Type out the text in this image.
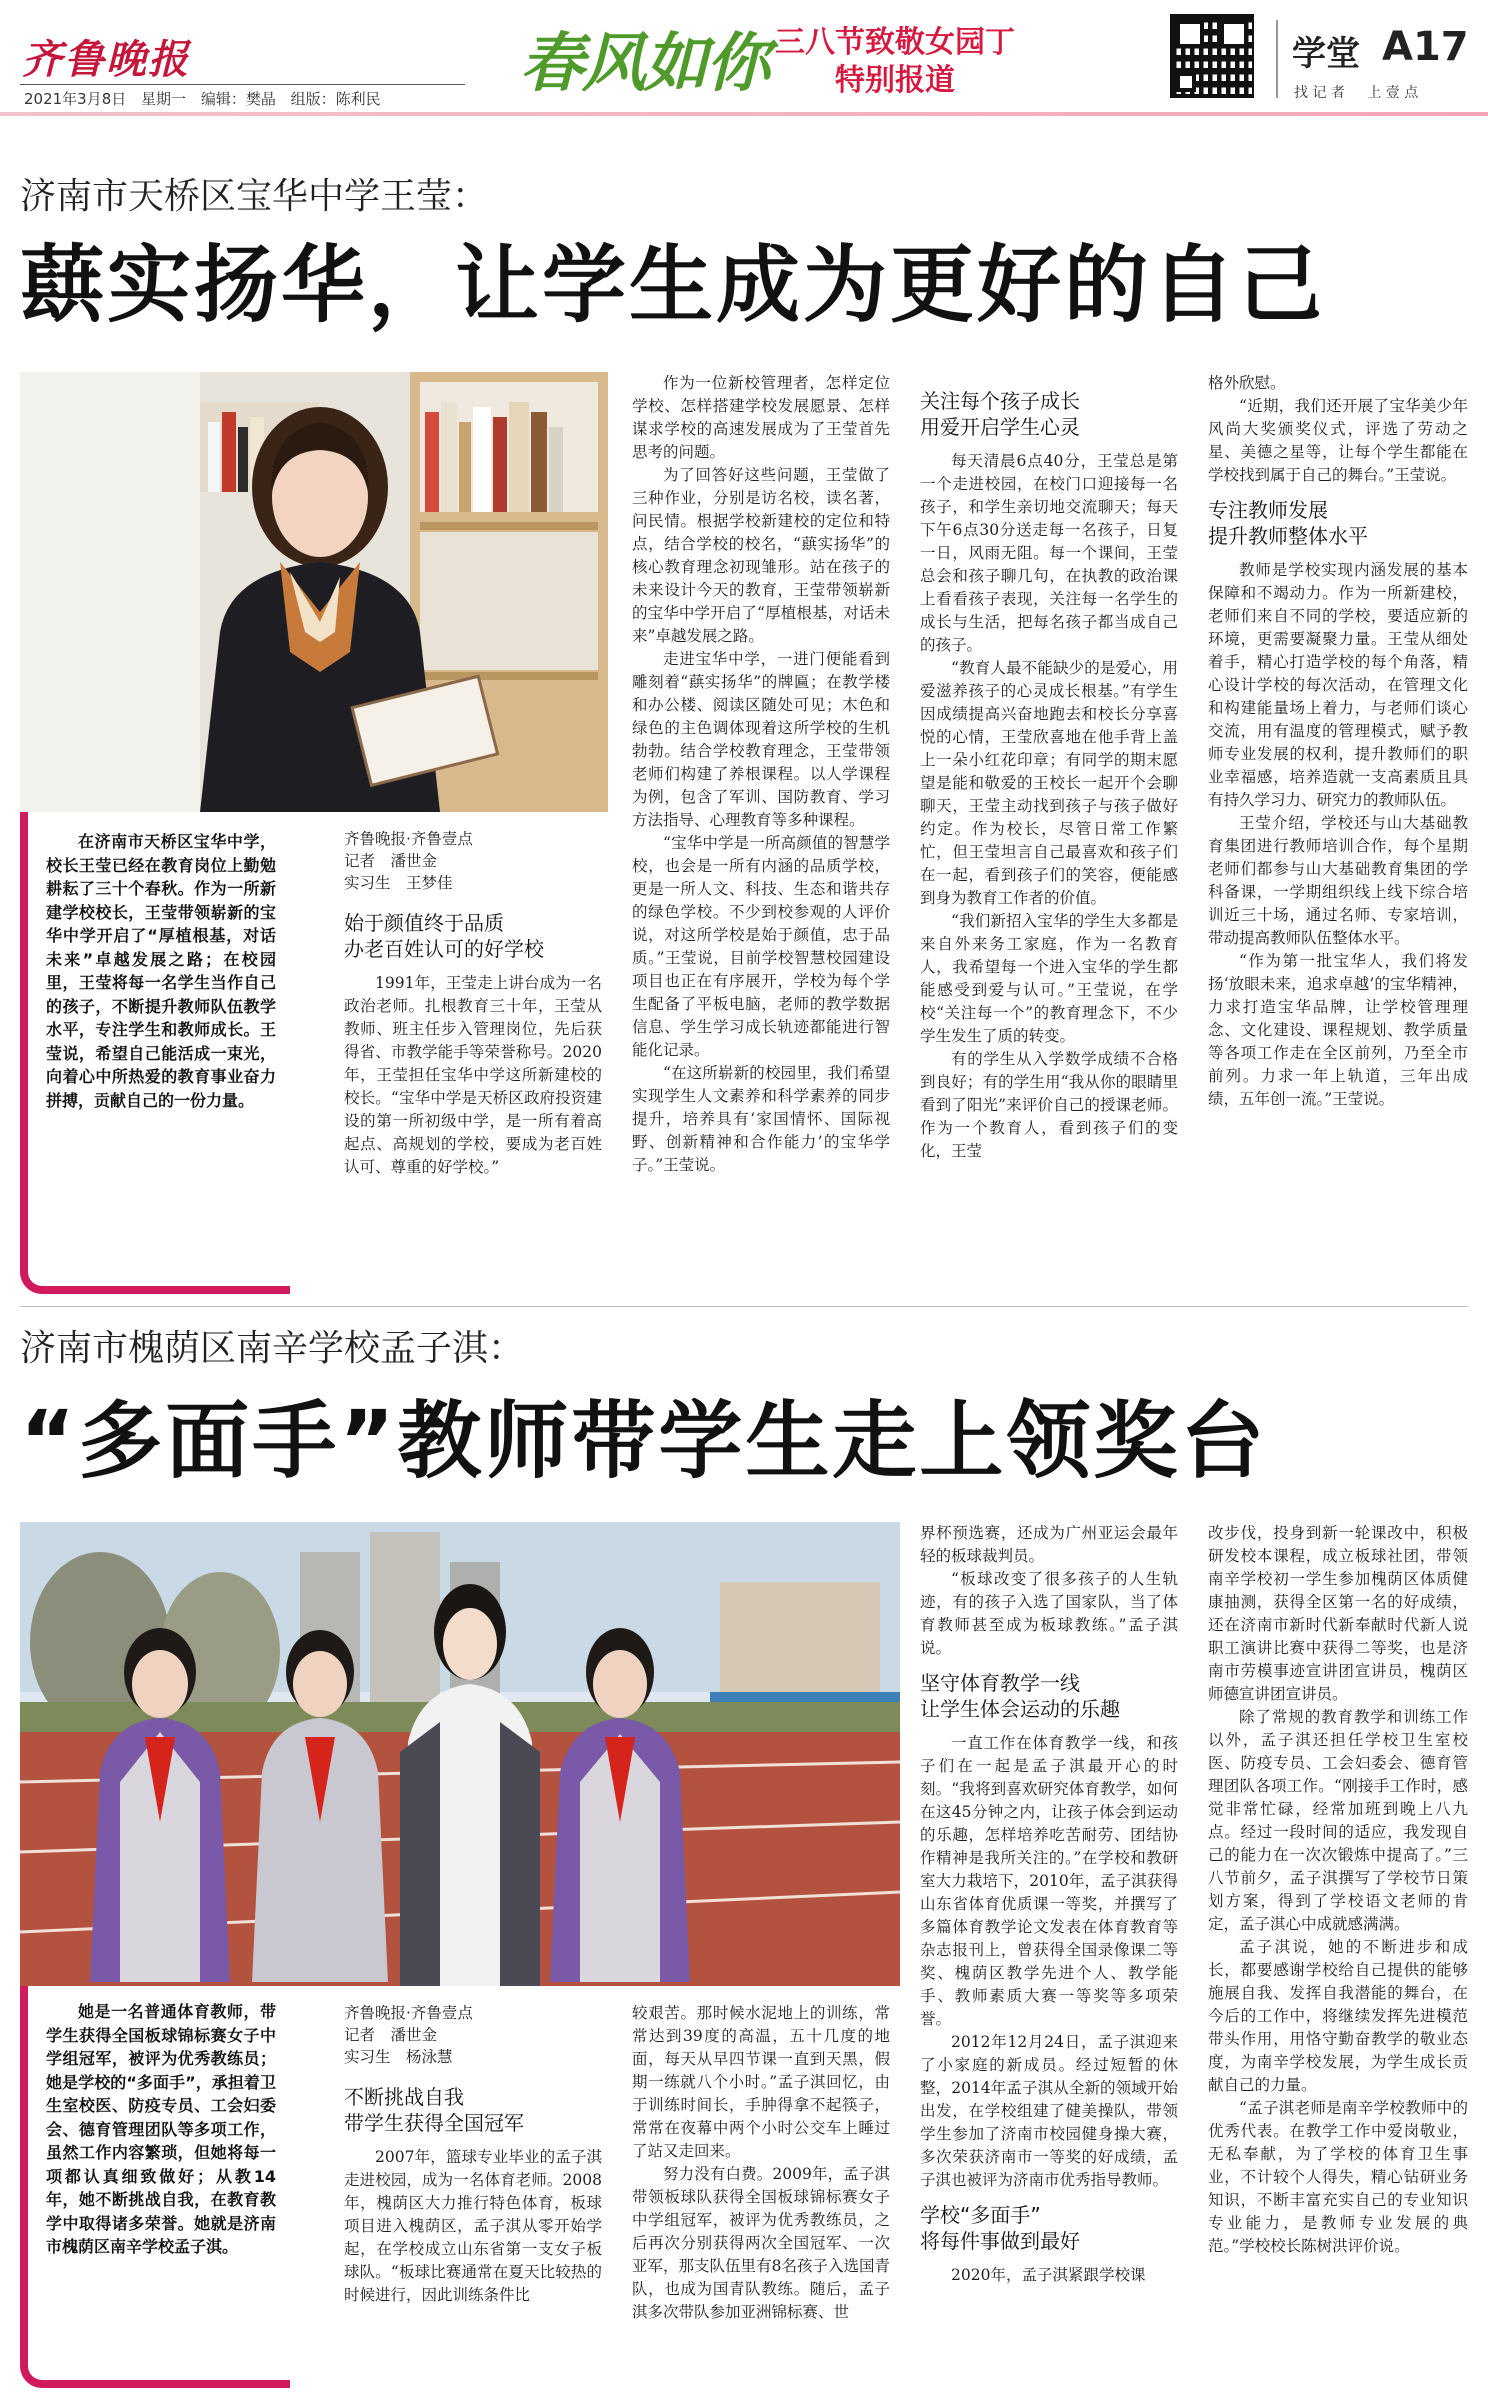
齐鲁晚报
2021年3月8日 星期一 编辑：樊晶 组版：陈利民 春风如你 三八节致敬女园丁
特别报道
学堂 A17
找 记 者 上 壹 点
济南市天桥区宝华中学王莹：
蕻实扬华，让学生成为更好的自己

在济南市天桥区宝华中学，校长王莹已经在教育岗位上勤勉耕耘了三十个春秋。作为一所新建学校校长，王莹带领崭新的宝华中学开启了“厚植根基，对话未来”卓越发展之路；在校园里，王莹将每一名学生当作自己的孩子，不断提升教师队伍教学水平，专注学生和教师成长。王莹说，希望自己能活成一束光，向着心中所热爱的教育事业奋力拼搏，贡献自己的一份力量。

齐鲁晚报·齐鲁壹点
记者　潘世金
实习生　王梦佳
始于颜值终于品质
办老百姓认可的好学校

1991年，王莹走上讲台成为一名政治老师。扎根教育三十年，王莹从教师、班主任步入管理岗位，先后获得省、市教学能手等荣誉称号。2020年，王莹担任宝华中学这所新建校的校长。“宝华中学是天桥区政府投资建设的第一所初级中学，是一所有着高起点、高规划的学校，要成为老百姓认可、尊重的好学校。”

作为一位新校管理者，怎样定位学校、怎样搭建学校发展愿景、怎样谋求学校的高速发展成为了王莹首先思考的问题。

为了回答好这些问题，王莹做了三种作业，分别是访名校，读名著，问民情。根据学校新建校的定位和特点，结合学校的校名，“蕻实扬华”的核心教育理念初现雏形。站在孩子的未来设计今天的教育，王莹带领崭新的宝华中学开启了“厚植根基，对话未来”卓越发展之路。

走进宝华中学，一进门便能看到雕刻着“蕻实扬华”的牌匾；在教学楼和办公楼、阅读区随处可见；木色和绿色的主色调体现着这所学校的生机勃勃。结合学校教育理念，王莹带领老师们构建了养根课程。以人学课程为例，包含了军训、国防教育、学习方法指导、心理教育等多种课程。

“宝华中学是一所高颜值的智慧学校，也会是一所有内涵的品质学校，更是一所人文、科技、生态和谐共存的绿色学校。不少到校参观的人评价说，对这所学校是始于颜值，忠于品质。”王莹说，目前学校智慧校园建设项目也正在有序展开，学校为每个学生配备了平板电脑，老师的教学数据信息、学生学习成长轨迹都能进行智能化记录。

“在这所崭新的校园里，我们希望实现学生人文素养和科学素养的同步提升，培养具有‘家国情怀、国际视野、创新精神和合作能力’的宝华学子。”王莹说。

关注每个孩子成长
用爱开启学生心灵

每天清晨6点40分，王莹总是第一个走进校园，在校门口迎接每一名孩子，和学生亲切地交流聊天；每天下午6点30分送走每一名孩子，日复一日，风雨无阻。每一个课间，王莹总会和孩子聊几句，在执教的政治课上看看孩子表现，关注每一名学生的成长与生活，把每名孩子都当成自己的孩子。

“教育人最不能缺少的是爱心，用爱滋养孩子的心灵成长根基。”有学生因成绩提高兴奋地跑去和校长分享喜悦的心情，王莹欣喜地在他手背上盖上一朵小红花印章；有同学的期末愿望是能和敬爱的王校长一起开个会聊聊天，王莹主动找到孩子与孩子做好约定。作为校长，尽管日常工作繁忙，但王莹坦言自己最喜欢和孩子们在一起，看到孩子们的笑容，便能感到身为教育工作者的价值。

“我们新招入宝华的学生大多都是来自外来务工家庭，作为一名教育人，我希望每一个进入宝华的学生都能感受到爱与认可。”王莹说，在学校“关注每一个”的教育理念下，不少学生发生了质的转变。

有的学生从入学数学成绩不合格到良好；有的学生用“我从你的眼睛里看到了阳光”来评价自己的授课老师。作为一个教育人，看到孩子们的变化，王莹

格外欣慰。

“近期，我们还开展了宝华美少年风尚大奖颁奖仪式，评选了劳动之星、美德之星等，让每个学生都能在学校找到属于自己的舞台。”王莹说。

专注教师发展
提升教师整体水平

教师是学校实现内涵发展的基本保障和不竭动力。作为一所新建校，老师们来自不同的学校，要适应新的环境，更需要凝聚力量。王莹从细处着手，精心打造学校的每个角落，精心设计学校的每次活动，在管理文化和构建能量场上着力，与老师们谈心交流，用有温度的管理模式，赋予教师专业发展的权利，提升教师们的职业幸福感，培养造就一支高素质且具有持久学习力、研究力的教师队伍。

王莹介绍，学校还与山大基础教育集团进行教师培训合作，每个星期老师们都参与山大基础教育集团的学科备课，一学期组织线上线下综合培训近三十场，通过名师、专家培训，带动提高教师队伍整体水平。

“作为第一批宝华人，我们将发扬‘放眼未来，追求卓越’的宝华精神，力求打造宝华品牌，让学校管理理念、文化建设、课程规划、教学质量等各项工作走在全区前列，乃至全市前列。力求一年上轨道，三年出成绩，五年创一流。”王莹说。

济南市槐荫区南辛学校孟子淇：
“多面手”教师带学生走上领奖台

她是一名普通体育教师，带学生获得全国板球锦标赛女子中学组冠军，被评为优秀教练员；她是学校的“多面手”，承担着卫生室校医、防疫专员、工会妇委会、德育管理团队等多项工作，虽然工作内容繁琐，但她将每一项都认真细致做好；从教14年，她不断挑战自我，在教育教学中取得诸多荣誉。她就是济南市槐荫区南辛学校孟子淇。

齐鲁晚报·齐鲁壹点
记者　潘世金
实习生　杨泳慧
不断挑战自我
带学生获得全国冠军

2007年，篮球专业毕业的孟子淇走进校园，成为一名体育老师。2008年，槐荫区大力推行特色体育，板球项目进入槐荫区，孟子淇从零开始学起，在学校成立山东省第一支女子板球队。“板球比赛通常在夏天比较热的时候进行，因此训练条件比

较艰苦。那时候水泥地上的训练，常常达到39度的高温，五十几度的地面，每天从早四节课一直到天黑，假期一练就八个小时。”孟子淇回忆，由于训练时间长，手肿得拿不起筷子，常常在夜幕中两个小时公交车上睡过了站又走回来。

努力没有白费。2009年，孟子淇带领板球队获得全国板球锦标赛女子中学组冠军，被评为优秀教练员，之后再次分别获得两次全国冠军、一次亚军，那支队伍里有8名孩子入选国青队，也成为国青队教练。随后，孟子淇多次带队参加亚洲锦标赛、世

界杯预选赛，还成为广州亚运会最年轻的板球裁判员。

“板球改变了很多孩子的人生轨迹，有的孩子入选了国家队，当了体育教师甚至成为板球教练。”孟子淇说。

坚守体育教学一线
让学生体会运动的乐趣

一直工作在体育教学一线，和孩子们在一起是孟子淇最开心的时刻。“我将到喜欢研究体育教学，如何在这45分钟之内，让孩子体会到运动的乐趣，怎样培养吃苦耐劳、团结协作精神是我所关注的。”在学校和教研室大力栽培下，2010年，孟子淇获得山东省体育优质课一等奖，并撰写了多篇体育教学论文发表在体育教育等杂志报刊上，曾获得全国录像课二等奖、槐荫区教学先进个人、教学能手、教师素质大赛一等奖等多项荣誉。

2012年12月24日，孟子淇迎来了小家庭的新成员。经过短暂的休整，2014年孟子淇从全新的领域开始出发，在学校组建了健美操队，带领学生参加了济南市校园健身操大赛，多次荣获济南市一等奖的好成绩，孟子淇也被评为济南市优秀指导教师。

学校“多面手”
将每件事做到最好

2020年，孟子淇紧跟学校课

改步伐，投身到新一轮课改中，积极研发校本课程，成立板球社团，带领南辛学校初一学生参加槐荫区体质健康抽测，获得全区第一名的好成绩，还在济南市新时代新奉献时代新人说职工演讲比赛中获得二等奖，也是济南市劳模事迹宣讲团宣讲员，槐荫区师德宣讲团宣讲员。

除了常规的教育教学和训练工作以外，孟子淇还担任学校卫生室校医、防疫专员、工会妇委会、德育管理团队各项工作。“刚接手工作时，感觉非常忙碌，经常加班到晚上八九点。经过一段时间的适应，我发现自己的能力在一次次锻炼中提高了。”三八节前夕，孟子淇撰写了学校节日策划方案，得到了学校语文老师的肯定，孟子淇心中成就感满满。

孟子淇说，她的不断进步和成长，都要感谢学校给自己提供的能够施展自我、发挥自我潜能的舞台，在今后的工作中，将继续发挥先进模范带头作用，用恪守勤奋教学的敬业态度，为南辛学校发展，为学生成长贡献自己的力量。

“孟子淇老师是南辛学校教师中的优秀代表。在教学工作中爱岗敬业，无私奉献，为了学校的体育卫生事业，不计较个人得失，精心钻研业务知识，不断丰富充实自己的专业知识专业能力，是教师专业发展的典范。”学校校长陈树洪评价说。
